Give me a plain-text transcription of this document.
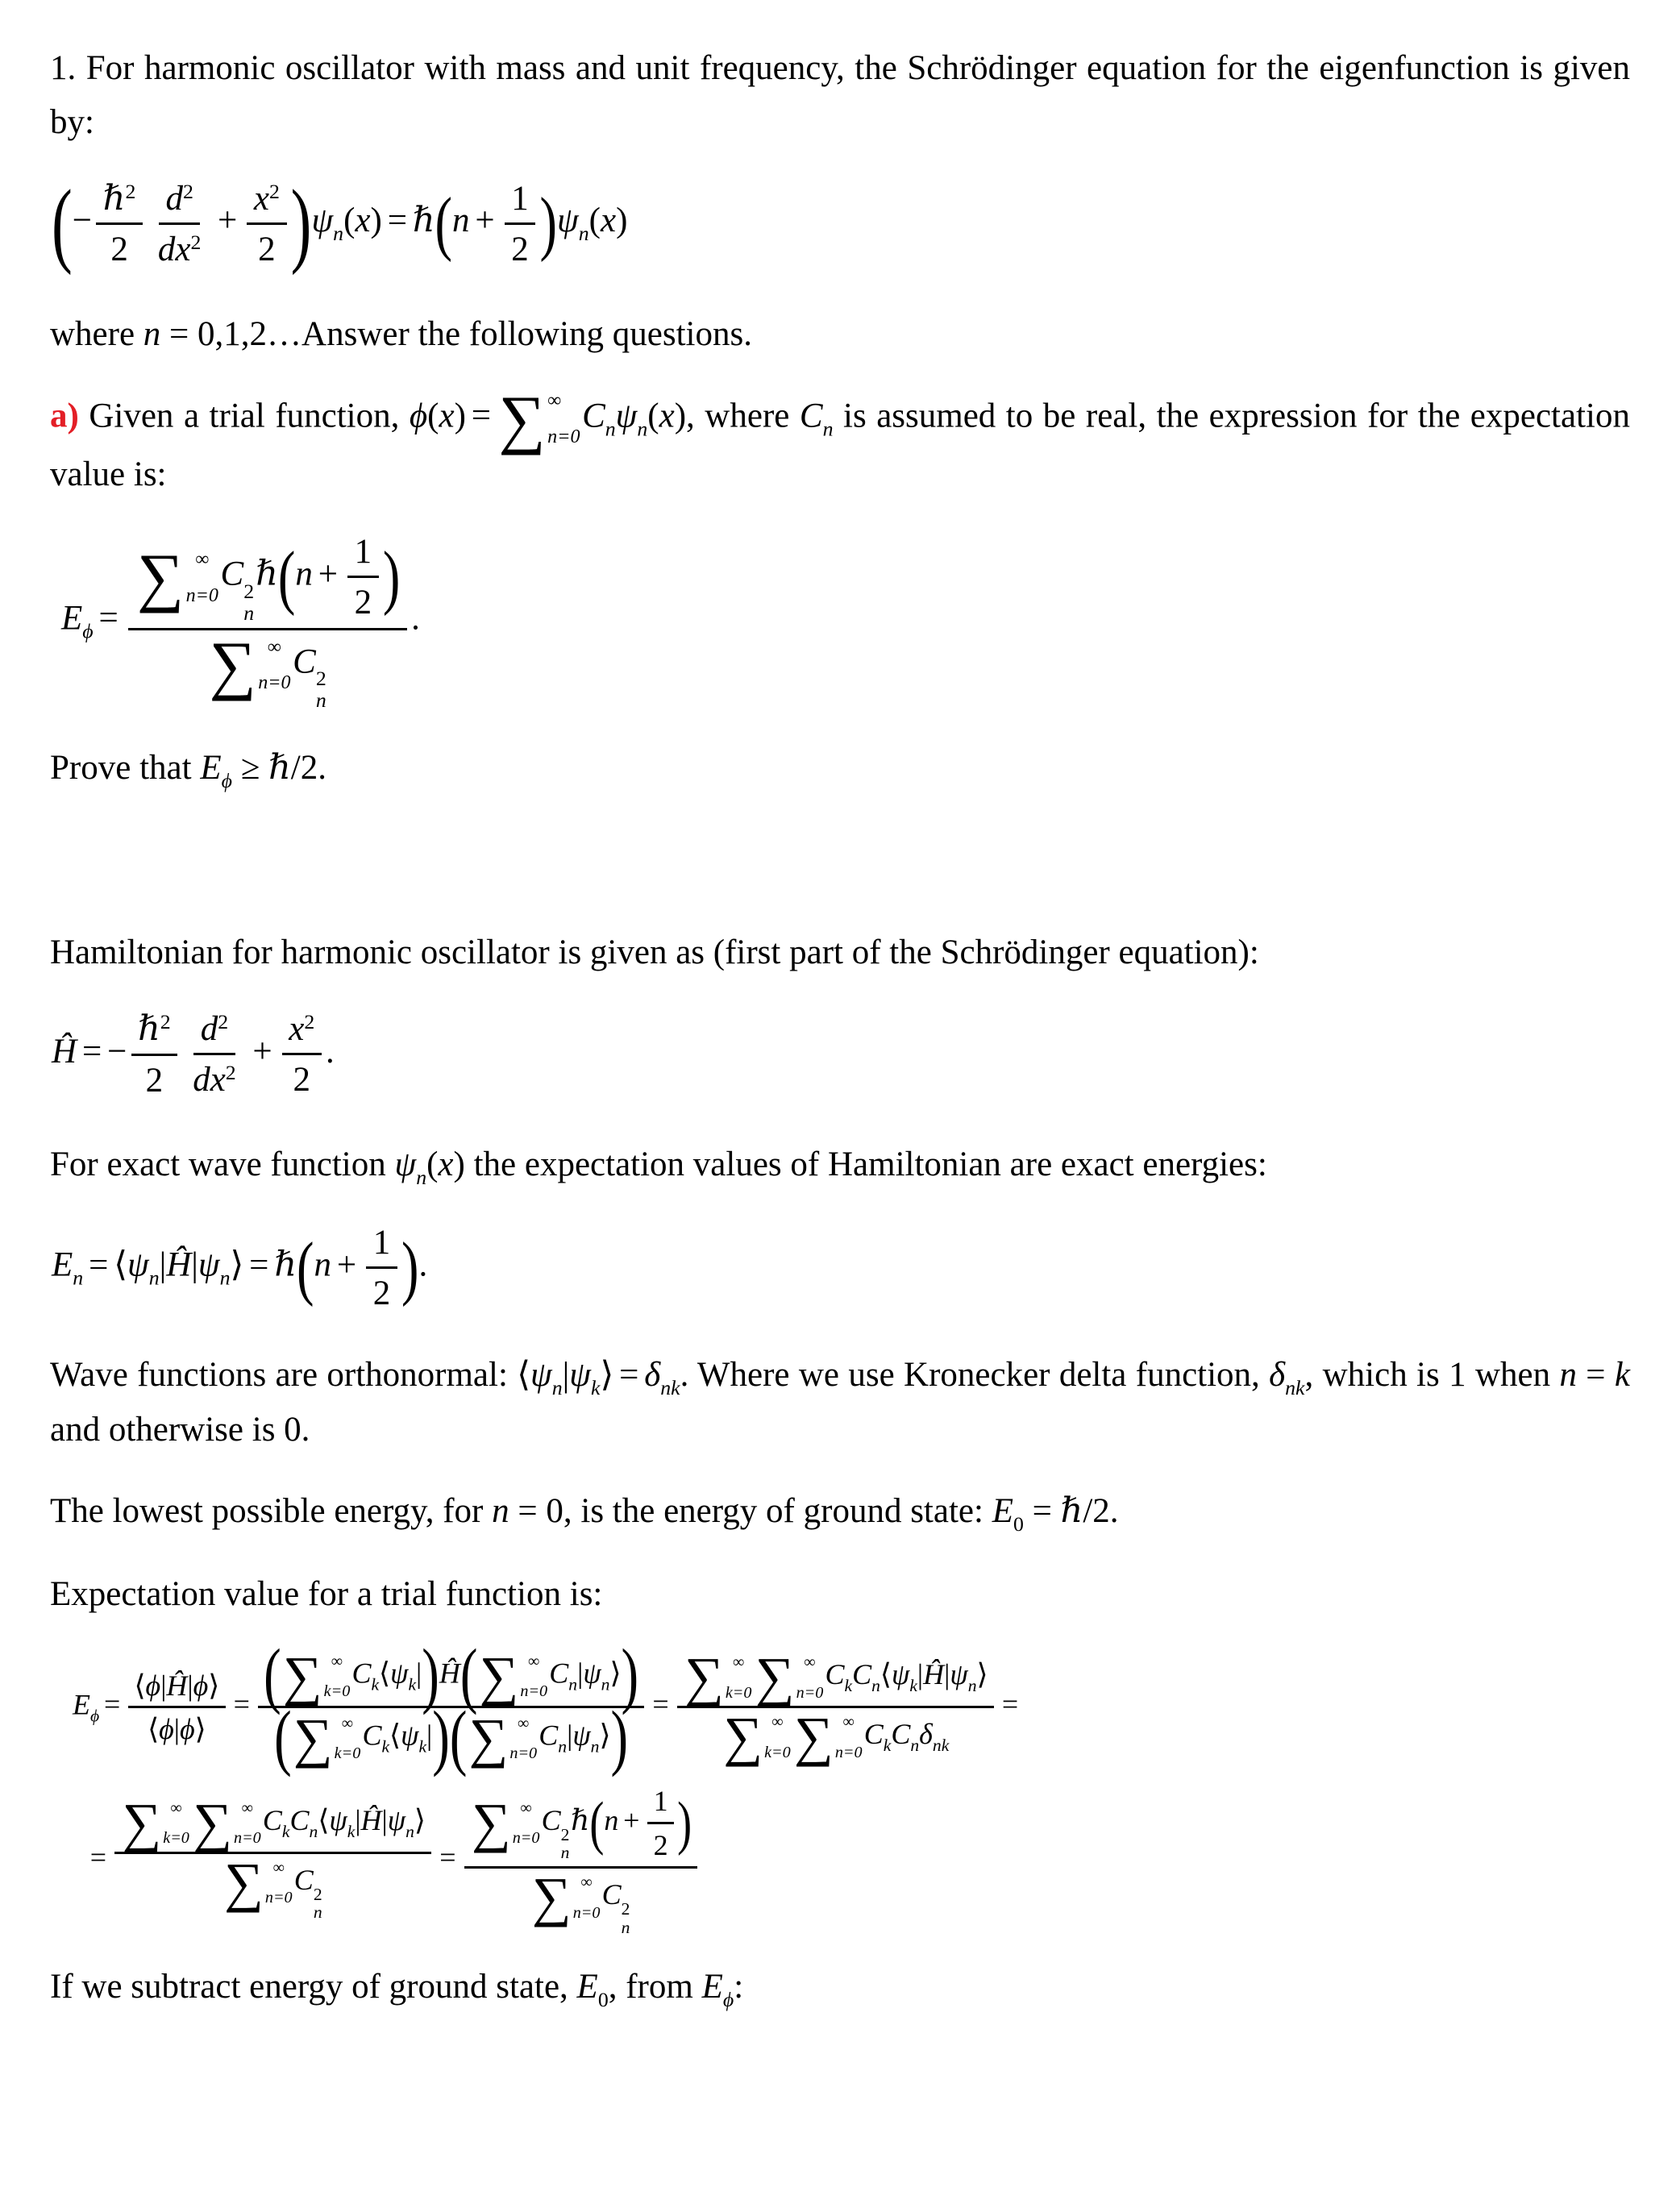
1. For harmonic oscillator with mass and unit frequency, the Schrödinger equation for the eigenfunction is given by:

(− $\frac{\hbar^2}{2} \frac{d^2}{dx^2} + \frac{x^2}{2} )\psi_n(x)$ = ℏ(n + $\frac{1}{2} )\psi_n(x)$

where n = 0,1,2…Answer the following questions.

a) Given a trial function, ϕ(x) = ∑ ∞
n=0
$C_n\psi_n(x)$, where $C_n$ is assumed to be real, the expression for the expectation value is:

$E_\phi$ = ∑ ∞
n=0
C 2
n
ℏ(n + $\frac{1}{2}$ )
∑ ∞
n=0
C 2
n .

Prove that $E_\phi$ ≥ ℏ/2.

Hamiltonian for harmonic oscillator is given as (first part of the Schrödinger equation):

Ĥ = − $\frac{\hbar^2}{2} \frac{d^2}{dx^2} + \frac{x^2}{2}$ .

For exact wave function $\psi_n(x)$ the expectation values of Hamiltonian are exact energies:

$E_n$ = $⟨\psi_n|Ĥ|\psi_n⟩$ = ℏ(n + $\frac{1}{2}$ ).

Wave functions are orthonormal: $⟨\psi_n|\psi_k⟩ = \delta_{nk}$. Where we use Kronecker delta function, $\delta_{nk}$, which is 1 when n = k and otherwise is 0.

The lowest possible energy, for n = 0, is the energy of ground state: $E_0$ = ℏ/2.

Expectation value for a trial function is:

$E_\phi = \frac{⟨\phi|Ĥ|\phi⟩}{⟨\phi|\phi⟩}$ = ( ∑ ∞
k=0
$C_k⟨\psi_k|)Ĥ$( ∑ ∞
n=0
$C_n|\psi_n⟩$)
( ∑ ∞
k=0
$C_k⟨\psi_k|$)( ∑ ∞
n=0
$C_n|\psi_n⟩$) = ∑ ∞
k=0 ∑ ∞
n=0
$C_kC_n⟨\psi_k|Ĥ|\psi_n⟩$
∑ ∞
k=0 ∑ ∞
n=0
$C_kC_n\delta_{nk}$ =
= ∑ ∞
k=0 ∑ ∞
n=0
$C_kC_n⟨\psi_k|Ĥ|\psi_n⟩$
∑ ∞
n=0
C 2
n = ∑ ∞
n=0
C 2
n
ℏ(n + $\frac{1}{2}$ )
∑ ∞
n=0
C 2
n

If we subtract energy of ground state, $E_0$, from $E_\phi$:
